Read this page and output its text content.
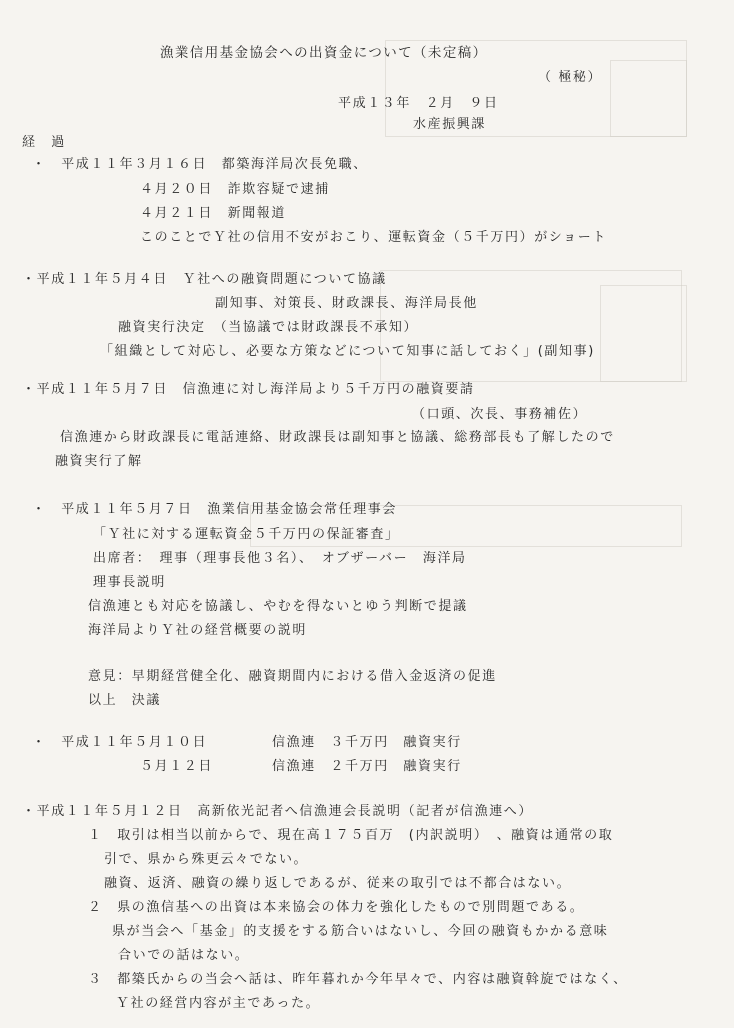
漁業信用基金協会への出資金について（未定稿）
（ 極秘）
平成１３年　２月　９日
水産振興課
経　過
・　平成１１年３月１６日　都築海洋局次長免職、
４月２０日　詐欺容疑で逮捕
４月２１日　新聞報道
このことでＹ社の信用不安がおこり、運転資金（５千万円）がショート
・平成１１年５月４日　Ｙ社への融資問題について協議
副知事、対策長、財政課長、海洋局長他
融資実行決定　（当協議では財政課長不承知）
「組織として対応し、必要な方策などについて知事に話しておく」(副知事)
・平成１１年５月７日　信漁連に対し海洋局より５千万円の融資要請
（口頭、次長、事務補佐）
信漁連から財政課長に電話連絡、財政課長は副知事と協議、総務部長も了解したので
融資実行了解
・　平成１１年５月７日　漁業信用基金協会常任理事会
「Ｙ社に対する運転資金５千万円の保証審査」
出席者：　理事（理事長他３名）、　オブザーバー　海洋局
理事長説明
信漁連とも対応を協議し、やむを得ないとゆう判断で提議
海洋局よりＹ社の経営概要の説明
意見：早期経営健全化、融資期間内における借入金返済の促進
以上　決議
・　平成１１年５月１０日	信漁連　３千万円　融資実行
５月１２日	信漁連　２千万円　融資実行
・平成１１年５月１２日　高新依光記者へ信漁連会長説明（記者が信漁連へ）
１　取引は相当以前からで、現在高１７５百万　(内訳説明）　、融資は通常の取
引で、県から殊更云々でない。
融資、返済、融資の繰り返しであるが、従来の取引では不都合はない。
２　県の漁信基への出資は本来協会の体力を強化したもので別問題である。
県が当会へ「基金」的支援をする筋合いはないし、今回の融資もかかる意味
合いでの話はない。
３　都築氏からの当会へ話は、昨年暮れか今年早々で、内容は融資斡旋ではなく、
Ｙ社の経営内容が主であった。
